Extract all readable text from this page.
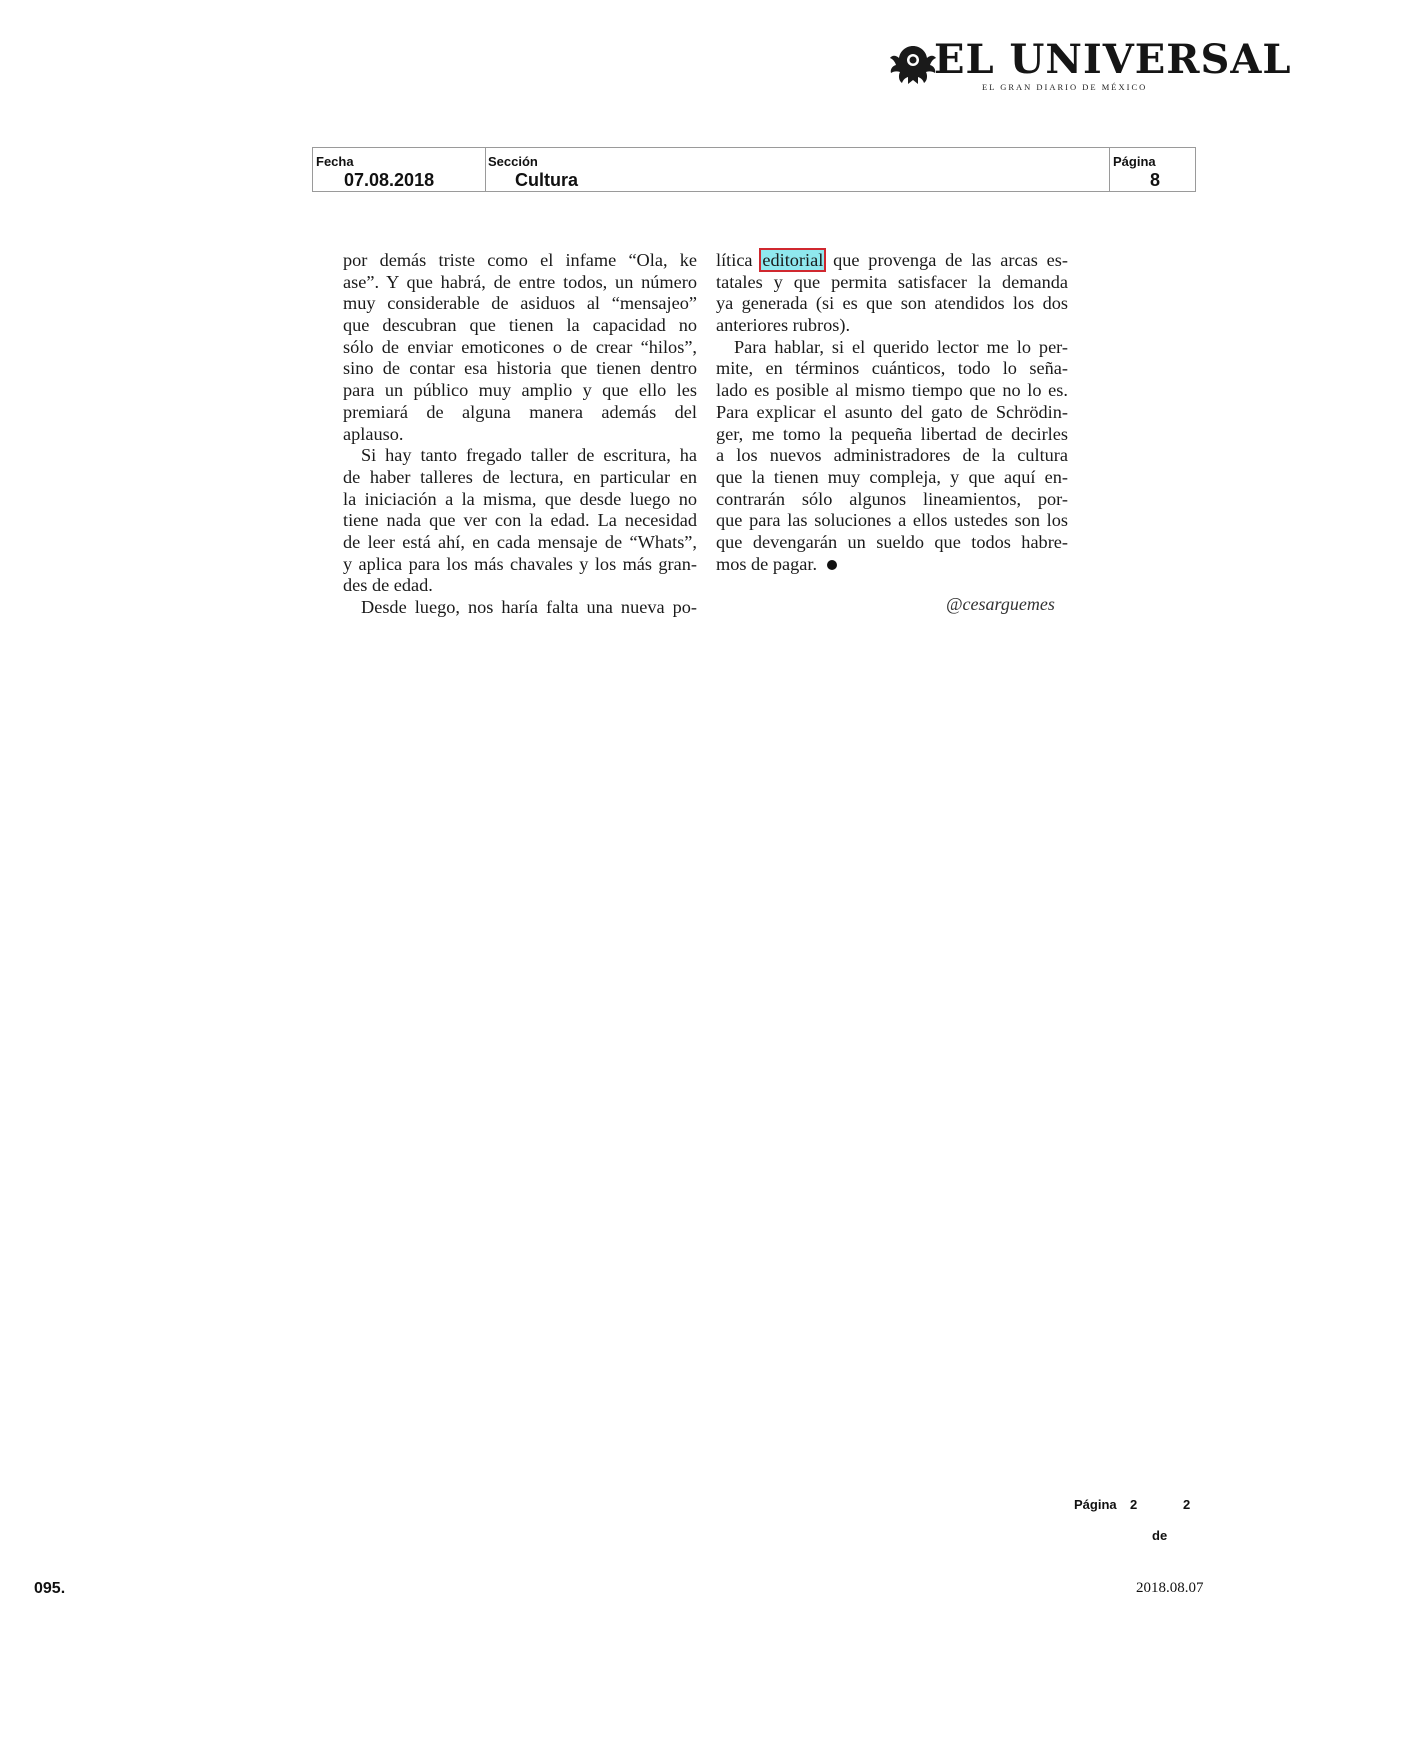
EL UNIVERSAL
EL GRAN DIARIO DE MÉXICO
Fecha
07.08.2018
Sección
Cultura
Página
8
por demás triste como el infame “Ola, ke
ase”. Y que habrá, de entre todos, un número
muy considerable de asiduos al “mensajeo”
que descubran que tienen la capacidad no
sólo de enviar emoticones o de crear “hilos”,
sino de contar esa historia que tienen dentro
para un público muy amplio y que ello les
premiará de alguna manera además del
aplauso.
Si hay tanto fregado taller de escritura, ha
de haber talleres de lectura, en particular en
la iniciación a la misma, que desde luego no
tiene nada que ver con la edad. La necesidad
de leer está ahí, en cada mensaje de “Whats”,
y aplica para los más chavales y los más gran-
des de edad.
Desde luego, nos haría falta una nueva po-
lítica editorial que provenga de las arcas es-
tatales y que permita satisfacer la demanda
ya generada (si es que son atendidos los dos
anteriores rubros).
Para hablar, si el querido lector me lo per-
mite, en términos cuánticos, todo lo seña-
lado es posible al mismo tiempo que no lo es.
Para explicar el asunto del gato de Schrödin-
ger, me tomo la pequeña libertad de decirles
a los nuevos administradores de la cultura
que la tienen muy compleja, y que aquí en-
contrarán sólo algunos lineamientos, por-
que para las soluciones a ellos ustedes son los
que devengarán un sueldo que todos habre-
mos de pagar.
@cesarguemes
Página 2	2
de
095.	2018.08.07
